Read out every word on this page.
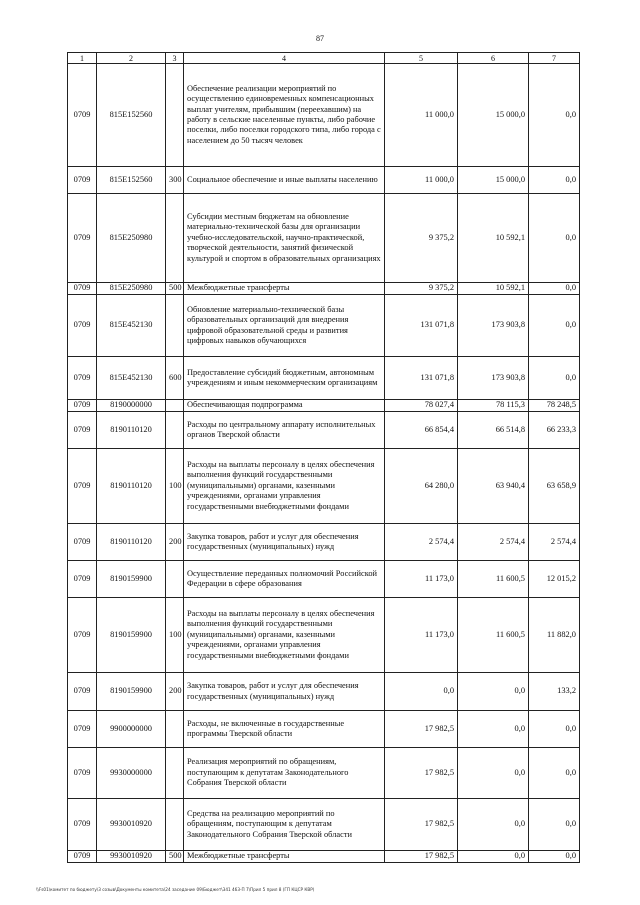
87
1	2	3	4	5	6	7
0709	815E152560		Обеспечение реализации мероприятий по осуществлению единовременных компенсационных выплат учителям, прибывшим (переехавшим) на работу в сельские населенные пункты, либо рабочие поселки, либо поселки городского типа, либо города с населением до 50 тысяч человек	11 000,0	15 000,0	0,0
0709	815E152560	300	Социальное обеспечение и иные выплаты населению	11 000,0	15 000,0	0,0
0709	815E250980		Субсидии местным бюджетам на обновление материально-технической базы для организации учебно-исследовательской, научно-практической, творческой деятельности, занятий физической культурой и спортом в образовательных организациях	9 375,2	10 592,1	0,0
0709	815E250980	500	Межбюджетные трансферты	9 375,2	10 592,1	0,0
0709	815E452130		Обновление материально-технической базы образовательных организаций для внедрения цифровой образовательной среды и развития цифровых навыков обучающихся	131 071,8	173 903,8	0,0
0709	815E452130	600	Предоставление субсидий бюджетным, автономным учреждениям и иным некоммерческим организациям	131 071,8	173 903,8	0,0
0709	8190000000		Обеспечивающая подпрограмма	78 027,4	78 115,3	78 248,5
0709	8190110120		Расходы по центральному аппарату исполнительных органов Тверской области	66 854,4	66 514,8	66 233,3
0709	8190110120	100	Расходы на выплаты персоналу в целях обеспечения выполнения функций государственными (муниципальными) органами, казенными учреждениями, органами управления государственными внебюджетными фондами	64 280,0	63 940,4	63 658,9
0709	8190110120	200	Закупка товаров, работ и услуг для обеспечения государственных (муниципальных) нужд	2 574,4	2 574,4	2 574,4
0709	8190159900		Осуществление переданных полномочий Российской Федерации в сфере образования	11 173,0	11 600,5	12 015,2
0709	8190159900	100	Расходы на выплаты персоналу в целях обеспечения выполнения функций государственными (муниципальными) органами, казенными учреждениями, органами управления государственными внебюджетными фондами	11 173,0	11 600,5	11 882,0
0709	8190159900	200	Закупка товаров, работ и услуг для обеспечения государственных (муниципальных) нужд	0,0	0,0	133,2
0709	9900000000		Расходы, не включенные в государственные программы Тверской области	17 982,5	0,0	0,0
0709	9930000000		Реализация мероприятий по обращениям, поступающим к депутатам Законодательного Собрания Тверской области	17 982,5	0,0	0,0
0709	9930010920		Средства на реализацию мероприятий по обращениям, поступающим к депутатам Законодательного Собрания Тверской области	17 982,5	0,0	0,0
0709	9930010920	500	Межбюджетные трансферты	17 982,5	0,0	0,0
\\Fs01\комитет по бюджету\3 созыв\Документы комитета\24 заседание 09\Бюджет\341 463-П 7\Прил 5 прил 8 (ГП КЦСР КВР)
